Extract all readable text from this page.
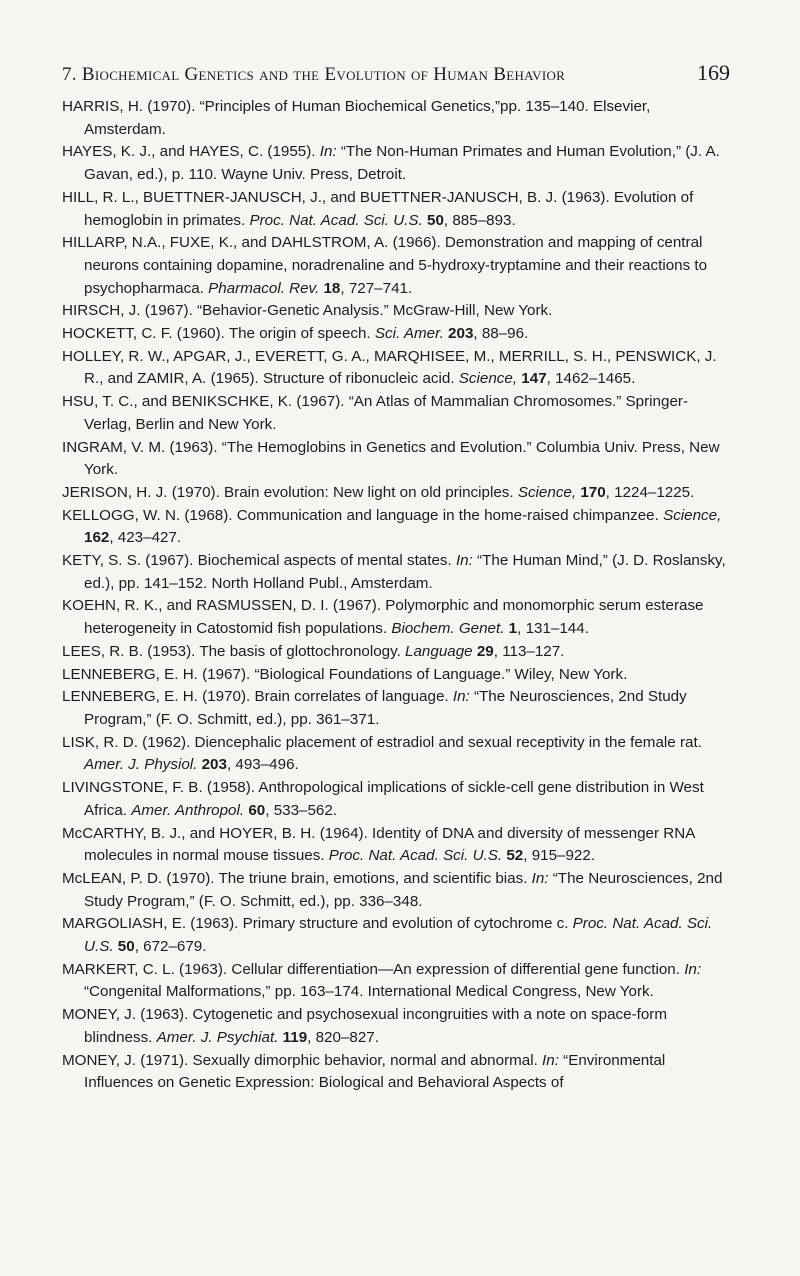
7. Biochemical Genetics and the Evolution of Human Behavior	169

HARRIS, H. (1970). “Principles of Human Biochemical Genetics,”pp. 135–140. Elsevier, Amsterdam.

HAYES, K. J., and HAYES, C. (1955). In: “The Non-Human Primates and Human Evolution,” (J. A. Gavan, ed.), p. 110. Wayne Univ. Press, Detroit.

HILL, R. L., BUETTNER-JANUSCH, J., and BUETTNER-JANUSCH, B. J. (1963). Evolution of hemoglobin in primates. Proc. Nat. Acad. Sci. U.S. 50, 885–893.

HILLARP, N.A., FUXE, K., and DAHLSTROM, A. (1966). Demonstration and mapping of central neurons containing dopamine, noradrenaline and 5-hydroxy-tryptamine and their reactions to psychopharmaca. Pharmacol. Rev. 18, 727–741.

HIRSCH, J. (1967). “Behavior-Genetic Analysis.” McGraw-Hill, New York.

HOCKETT, C. F. (1960). The origin of speech. Sci. Amer. 203, 88–96.

HOLLEY, R. W., APGAR, J., EVERETT, G. A., MARQHISEE, M., MERRILL, S. H., PENSWICK, J. R., and ZAMIR, A. (1965). Structure of ribonucleic acid. Science, 147, 1462–1465.

HSU, T. C., and BENIKSCHKE, K. (1967). “An Atlas of Mammalian Chromosomes.” Springer-Verlag, Berlin and New York.

INGRAM, V. M. (1963). “The Hemoglobins in Genetics and Evolution.” Columbia Univ. Press, New York.

JERISON, H. J. (1970). Brain evolution: New light on old principles. Science, 170, 1224–1225.

KELLOGG, W. N. (1968). Communication and language in the home-raised chimpanzee. Science, 162, 423–427.

KETY, S. S. (1967). Biochemical aspects of mental states. In: “The Human Mind,” (J. D. Roslansky, ed.), pp. 141–152. North Holland Publ., Amsterdam.

KOEHN, R. K., and RASMUSSEN, D. I. (1967). Polymorphic and monomorphic serum esterase heterogeneity in Catostomid fish populations. Biochem. Genet. 1, 131–144.

LEES, R. B. (1953). The basis of glottochronology. Language 29, 113–127.

LENNEBERG, E. H. (1967). “Biological Foundations of Language.” Wiley, New York.

LENNEBERG, E. H. (1970). Brain correlates of language. In: “The Neurosciences, 2nd Study Program,” (F. O. Schmitt, ed.), pp. 361–371.

LISK, R. D. (1962). Diencephalic placement of estradiol and sexual receptivity in the female rat. Amer. J. Physiol. 203, 493–496.

LIVINGSTONE, F. B. (1958). Anthropological implications of sickle-cell gene distribution in West Africa. Amer. Anthropol. 60, 533–562.

McCARTHY, B. J., and HOYER, B. H. (1964). Identity of DNA and diversity of messenger RNA molecules in normal mouse tissues. Proc. Nat. Acad. Sci. U.S. 52, 915–922.

McLEAN, P. D. (1970). The triune brain, emotions, and scientific bias. In: “The Neurosciences, 2nd Study Program,” (F. O. Schmitt, ed.), pp. 336–348.

MARGOLIASH, E. (1963). Primary structure and evolution of cytochrome c. Proc. Nat. Acad. Sci. U.S. 50, 672–679.

MARKERT, C. L. (1963). Cellular differentiation—An expression of differential gene function. In: “Congenital Malformations,” pp. 163–174. International Medical Congress, New York.

MONEY, J. (1963). Cytogenetic and psychosexual incongruities with a note on space-form blindness. Amer. J. Psychiat. 119, 820–827.

MONEY, J. (1971). Sexually dimorphic behavior, normal and abnormal. In: “Environmental Influences on Genetic Expression: Biological and Behavioral Aspects of
